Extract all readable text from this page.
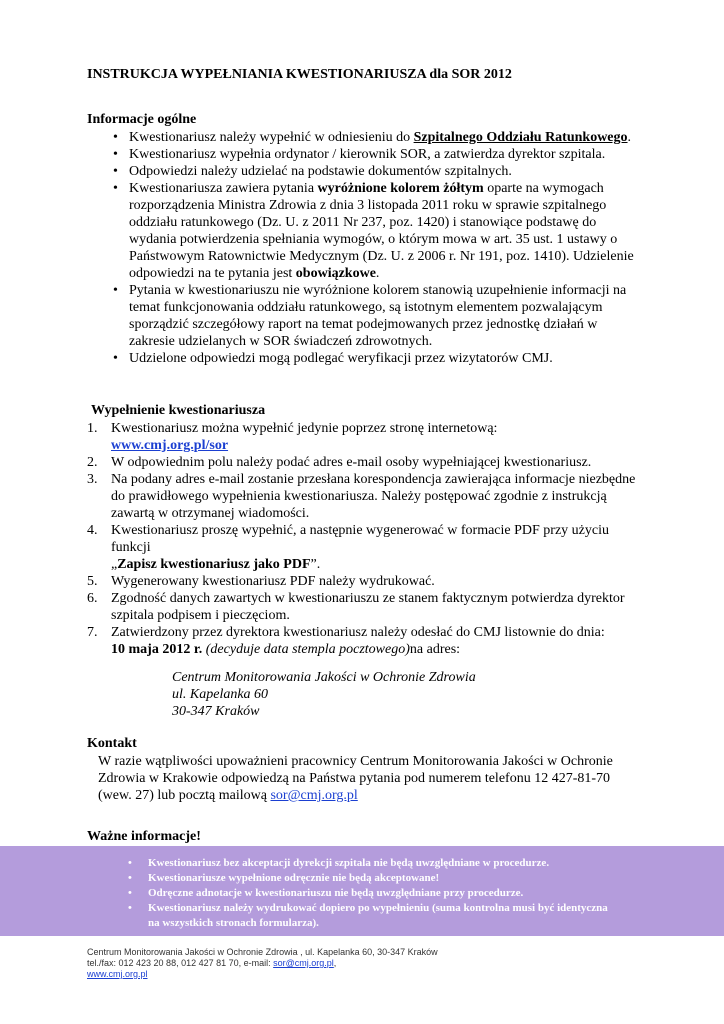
INSTRUKCJA WYPEŁNIANIA KWESTIONARIUSZA dla SOR 2012
Informacje ogólne
• Kwestionariusz należy wypełnić w odniesieniu do Szpitalnego Oddziału Ratunkowego.
• Kwestionariusz wypełnia ordynator / kierownik SOR, a zatwierdza dyrektor szpitala.
• Odpowiedzi należy udzielać na podstawie dokumentów szpitalnych.
• Kwestionariusza zawiera pytania wyróżnione kolorem żółtym oparte na wymogach rozporządzenia Ministra Zdrowia z dnia 3 listopada 2011 roku w sprawie szpitalnego oddziału ratunkowego (Dz. U. z 2011 Nr 237, poz. 1420) i stanowiące podstawę do wydania potwierdzenia spełniania wymogów, o którym mowa w art. 35 ust. 1 ustawy o Państwowym Ratownictwie Medycznym (Dz. U. z 2006 r. Nr 191, poz. 1410). Udzielenie odpowiedzi na te pytania jest obowiązkowe.
• Pytania w kwestionariuszu nie wyróżnione kolorem stanowią uzupełnienie informacji na temat funkcjonowania oddziału ratunkowego, są istotnym elementem pozwalającym sporządzić szczegółowy raport na temat podejmowanych przez jednostkę działań w zakresie udzielanych w SOR świadczeń zdrowotnych.
• Udzielone odpowiedzi mogą podlegać weryfikacji przez wizytatorów CMJ.
Wypełnienie kwestionariusza
1. Kwestionariusz można wypełnić jedynie poprzez stronę internetową:
www.cmj.org.pl/sor
2. W odpowiednim polu należy podać adres e-mail osoby wypełniającej kwestionariusz.
3. Na podany adres e-mail zostanie przesłana korespondencja zawierająca informacje niezbędne do prawidłowego wypełnienia kwestionariusza. Należy postępować zgodnie z instrukcją zawartą w otrzymanej wiadomości.
4. Kwestionariusz proszę wypełnić, a następnie wygenerować w formacie PDF przy użyciu funkcji
„Zapisz kwestionariusz jako PDF”.
5. Wygenerowany kwestionariusz PDF należy wydrukować.
6. Zgodność danych zawartych w kwestionariuszu ze stanem faktycznym potwierdza dyrektor szpitala podpisem i pieczęciom.
7. Zatwierdzony przez dyrektora kwestionariusz należy odesłać do CMJ listownie do dnia:
10 maja 2012 r. (decyduje data stempla pocztowego)na adres:
Centrum Monitorowania Jakości w Ochronie Zdrowia
ul. Kapelanka 60
30-347 Kraków
Kontakt
W razie wątpliwości upoważnieni pracownicy Centrum Monitorowania Jakości w Ochronie Zdrowia w Krakowie odpowiedzą na Państwa pytania pod numerem telefonu 12 427-81-70 (wew. 27) lub pocztą mailową sor@cmj.org.pl
Ważne informacje!
• Kwestionariusz bez akceptacji dyrekcji szpitala nie będą uwzględniane w procedurze.
• Kwestionariusze wypełnione odręcznie nie będą akceptowane!
• Odręczne adnotacje w kwestionariuszu nie będą uwzględniane przy procedurze.
• Kwestionariusz należy wydrukować dopiero po wypełnieniu (suma kontrolna musi być identyczna na wszystkich stronach formularza).
Centrum Monitorowania Jakości w Ochronie Zdrowia , ul. Kapelanka 60, 30-347 Kraków
tel./fax: 012 423 20 88, 012 427 81 70, e-mail: sor@cmj.org.pl,
www.cmj.org.pl
